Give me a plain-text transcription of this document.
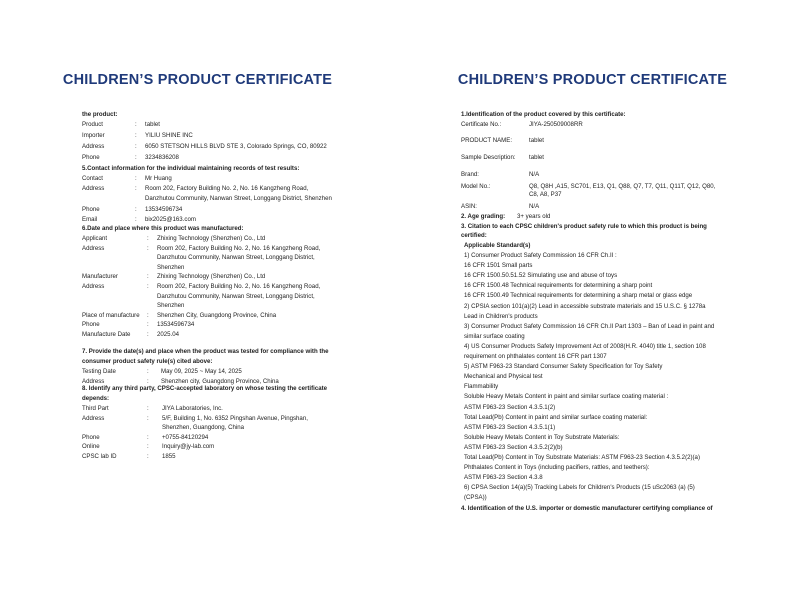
CHILDREN’S PRODUCT CERTIFICATE
the product:
Product	: tablet
Importer	: YILIU SHINE INC
Address	: 6050 STETSON HILLS BLVD STE 3, Colorado Springs, CO, 80922
Phone	: 3234836208
5.Contact information for the individual maintaining records of test results:
Contact	: Mr Huang
Address	: Room 202, Factory Building No. 2, No. 16 Kangzheng Road,
Danzhutou Community, Nanwan Street, Longgang District, Shenzhen
Phone	: 13534596734
Email	: bix2025@163.com
6.Date and place where this product was manufactured:
Applicant	: Zhixing Technology (Shenzhen) Co., Ltd
Address	: Room 202, Factory Building No. 2, No. 16 Kangzheng Road,
Danzhutou Community, Nanwan Street, Longgang District,
Shenzhen
Manufacturer	: Zhixing Technology (Shenzhen) Co., Ltd
Address	: Room 202, Factory Building No. 2, No. 16 Kangzheng Road,
Danzhutou Community, Nanwan Street, Longgang District,
Shenzhen
Place of manufacture : Shenzhen City, Guangdong Province, China
Phone	: 13534596734
Manufacture Date	: 2025.04
7. Provide the date(s) and place when the product was tested for compliance with the
consumer product safety rule(s) cited above:
Testing Date	: May 09, 2025 ~ May 14, 2025
Address	: Shenzhen city, Guangdong Province, China
8. Identify any third party, CPSC-accepted laboratory on whose testing the certificate
depends:
Third Part	: JIYA Laboratories, Inc.
Address	: 5/F, Building 1, No. 6352 Pingshan Avenue, Pingshan,
Shenzhen, Guangdong, China
Phone	: +0755-84120294
Online	: Inquiry@jy-lab.com
CPSC lab ID	: 1855
CHILDREN’S PRODUCT CERTIFICATE
1.Identification of the product covered by this certificate:
Certificate No.:	JIYA-250509008RR
PRODUCT NAME:	tablet
Sample Description: tablet
Brand:	N/A
Model No.:	Q8, Q8H ,A15, SC701, E13, Q1, Q88, Q7, T7, Q11, Q11T, Q12, Q80,
C8, A8, P37
ASIN:	N/A
2. Age grading: 3+ years old
3. Citation to each CPSC children's product safety rule to which this product is being
certified:
Applicable Standard(s)
1) Consumer Product Safety Commission 16 CFR Ch.II :
16 CFR 1501 Small parts
16 CFR 1500.50.51.52 Simulating use and abuse of toys
16 CFR 1500.48 Technical requirements for determining a sharp point
16 CFR 1500.49 Technical requirements for determining a sharp metal or glass edge
2) CPSIA section 101(a)(2) Lead in accessible substrate materials and 15 U.S.C. § 1278a
Lead in Children's products
3) Consumer Product Safety Commission 16 CFR Ch.II Part 1303 – Ban of Lead in paint and
similar surface coating
4) US Consumer Products Safety Improvement Act of 2008(H.R. 4040) title 1, section 108
requirement on phthalates content 16 CFR part 1307
5) ASTM F963-23 Standard Consumer Safety Specification for Toy Safety
Mechanical and Physical test
Flammability
Soluble Heavy Metals Content in paint and similar surface coating material :
ASTM F963-23 Section 4.3.5.1(2)
Total Lead(Pb) Content in paint and similar surface coating material:
ASTM F963-23 Section 4.3.5.1(1)
Soluble Heavy Metals Content in Toy Substrate Materials:
ASTM F963-23 Section 4.3.5.2(2)(b)
Total Lead(Pb) Content in Toy Substrate Materials: ASTM F963-23 Section 4.3.5.2(2)(a)
Phthalates Content in Toys (including pacifiers, rattles, and teethers):
ASTM F963-23 Section 4.3.8
6) CPSA Section 14(a)(5) Tracking Labels for Children's Products (15 uSc2063 (a) (5)
(CPSA))
4. Identification of the U.S. importer or domestic manufacturer certifying compliance of
